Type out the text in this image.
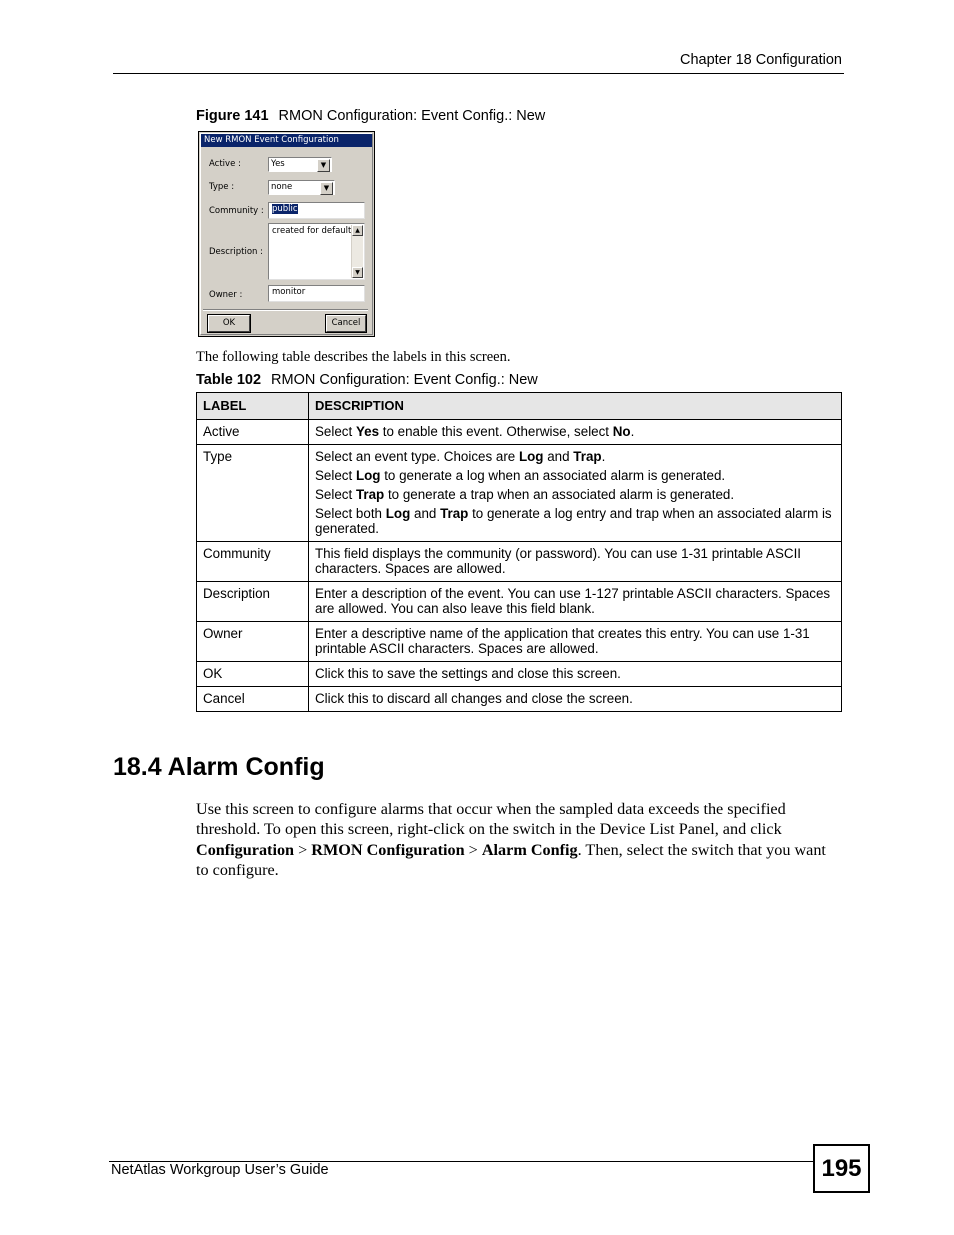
Chapter 18 Configuration
Figure 141 RMON Configuration: Event Config.: New
New RMON Event Configuration
Active :	Yes	▼
Type :	none	▼
Community : public
Description :
created for default ▲
▼
Owner :	monitor
OK	Cancel
The following table describes the labels in this screen.
Table 102 RMON Configuration: Event Config.: New
LABEL	DESCRIPTION
Active	Select Yes to enable this event. Otherwise, select No.

Type	Select an event type. Choices are Log and Trap.

Select Log to generate a log when an associated alarm is generated.

Select Trap to generate a trap when an associated alarm is generated.

Select both Log and Trap to generate a log entry and trap when an associated alarm is generated.

Community	This field displays the community (or password). You can use 1-31 printable ASCII characters. Spaces are allowed.

Description	Enter a description of the event. You can use 1-127 printable ASCII characters. Spaces are allowed. You can also leave this field blank.

Owner	Enter a descriptive name of the application that creates this entry. You can use 1-31 printable ASCII characters. Spaces are allowed.

OK	Click this to save the settings and close this screen.

Cancel	Click this to discard all changes and close the screen.

18.4 Alarm Config
Use this screen to configure alarms that occur when the sampled data exceeds the specified threshold. To open this screen, right-click on the switch in the Device List Panel, and click Configuration > RMON Configuration > Alarm Config. Then, select the switch that you want to configure.
NetAtlas Workgroup User’s Guide	195
